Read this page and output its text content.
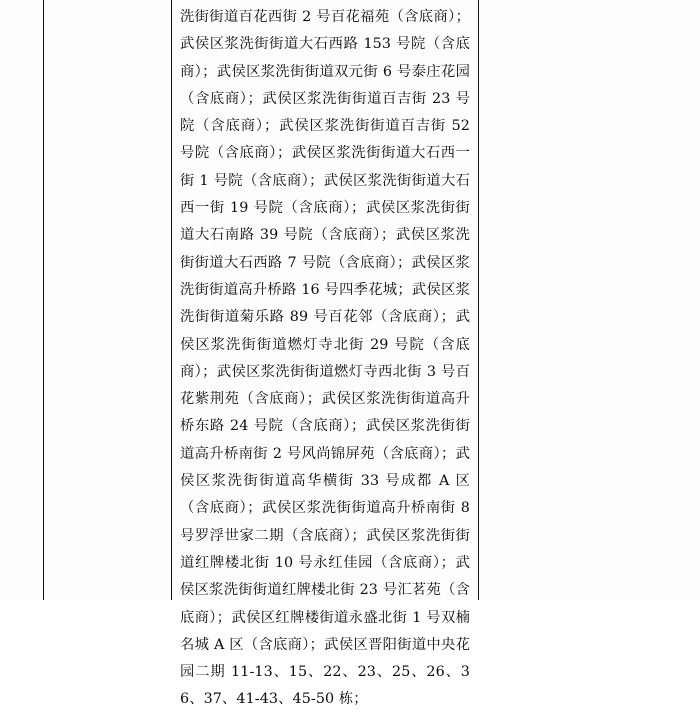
洗街街道百花西街 2 号百花福苑（含底商）；武侯区浆洗街街道大石西路 153 号院（含底商）；武侯区浆洗街街道双元街 6 号泰庄花园（含底商）；武侯区浆洗街街道百吉街 23 号院（含底商）；武侯区浆洗街街道百吉街 52 号院（含底商）；武侯区浆洗街街道大石西一街 1 号院（含底商）；武侯区浆洗街街道大石西一街 19 号院（含底商）；武侯区浆洗街街道大石南路 39 号院（含底商）；武侯区浆洗街街道大石西路 7 号院（含底商）；武侯区浆洗街街道高升桥路 16 号四季花城；武侯区浆洗街街道菊乐路 89 号百花邻（含底商）；武侯区浆洗街街道燃灯寺北街 29 号院（含底商）；武侯区浆洗街街道燃灯寺西北街 3 号百花紫荆苑（含底商）；武侯区浆洗街街道高升桥东路 24 号院（含底商）；武侯区浆洗街街道高升桥南街 2 号风尚锦屏苑（含底商）；武侯区浆洗街街道高华横街 33 号成都 A 区（含底商）；武侯区浆洗街街道高升桥南街 8 号罗浮世家二期（含底商）；武侯区浆洗街街道红牌楼北街 10 号永红佳园（含底商）；武侯区浆洗街街道红牌楼北街 23 号汇茗苑（含底商）；武侯区红牌楼街道永盛北街 1 号双楠名城 A 区（含底商）；武侯区晋阳街道中央花园二期 11-13、15、22、23、25、26、36、37、41-43、45-50 栋；
